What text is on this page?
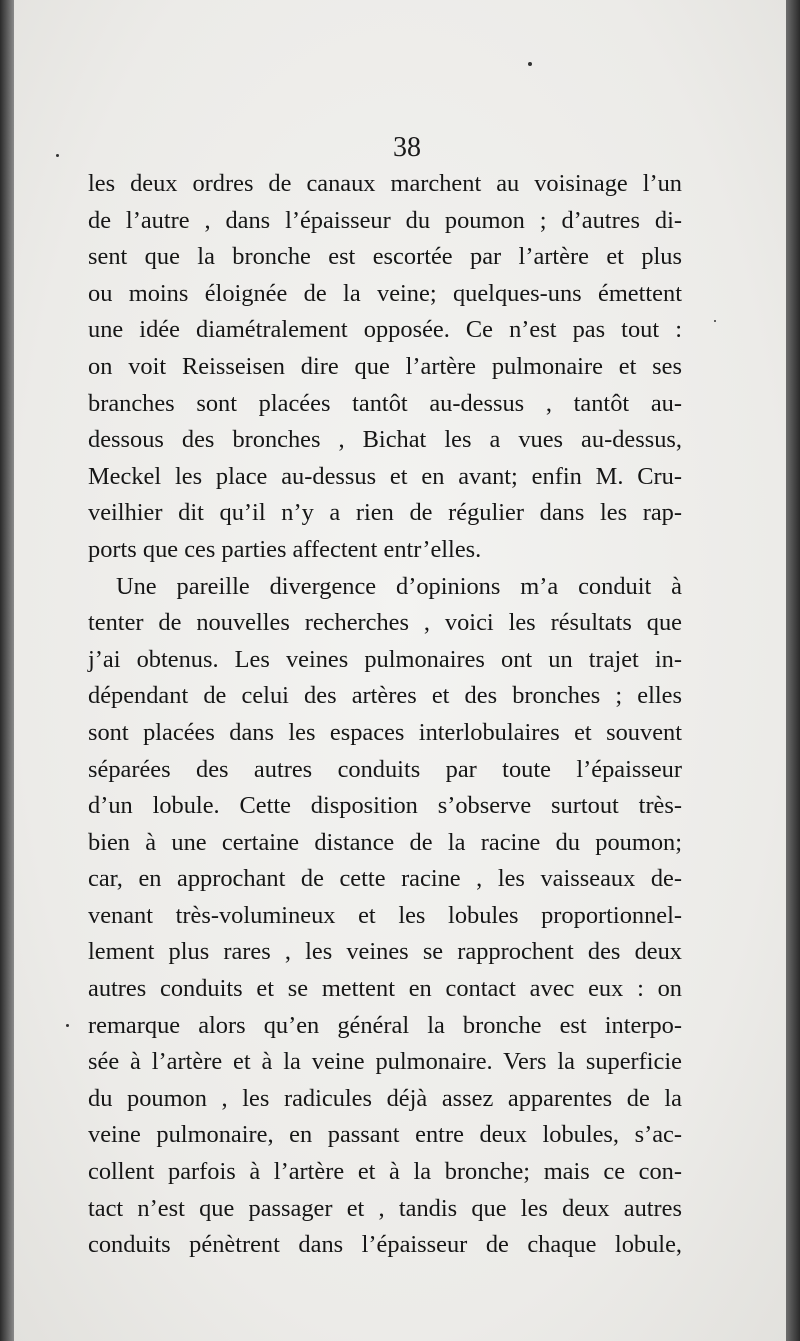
38
les deux ordres de canaux marchent au voisinage l’un
de l’autre , dans l’épaisseur du poumon ; d’autres di-
sent que la bronche est escortée par l’artère et plus
ou moins éloignée de la veine; quelques-uns émettent
une idée diamétralement opposée. Ce n’est pas tout :
on voit Reisseisen dire que l’artère pulmonaire et ses
branches sont placées tantôt au-dessus , tantôt au-
dessous des bronches , Bichat les a vues au-dessus,
Meckel les place au-dessus et en avant; enfin M. Cru-
veilhier dit qu’il n’y a rien de régulier dans les rap-
ports que ces parties affectent entr’elles.
Une pareille divergence d’opinions m’a conduit à
tenter de nouvelles recherches , voici les résultats que
j’ai obtenus. Les veines pulmonaires ont un trajet in-
dépendant de celui des artères et des bronches ; elles
sont placées dans les espaces interlobulaires et souvent
séparées des autres conduits par toute l’épaisseur
d’un lobule. Cette disposition s’observe surtout très-
bien à une certaine distance de la racine du poumon;
car, en approchant de cette racine , les vaisseaux de-
venant très-volumineux et les lobules proportionnel-
lement plus rares , les veines se rapprochent des deux
autres conduits et se mettent en contact avec eux : on
remarque alors qu’en général la bronche est interpo-
sée à l’artère et à la veine pulmonaire. Vers la superficie
du poumon , les radicules déjà assez apparentes de la
veine pulmonaire, en passant entre deux lobules, s’ac-
collent parfois à l’artère et à la bronche; mais ce con-
tact n’est que passager et , tandis que les deux autres
conduits pénètrent dans l’épaisseur de chaque lobule,
